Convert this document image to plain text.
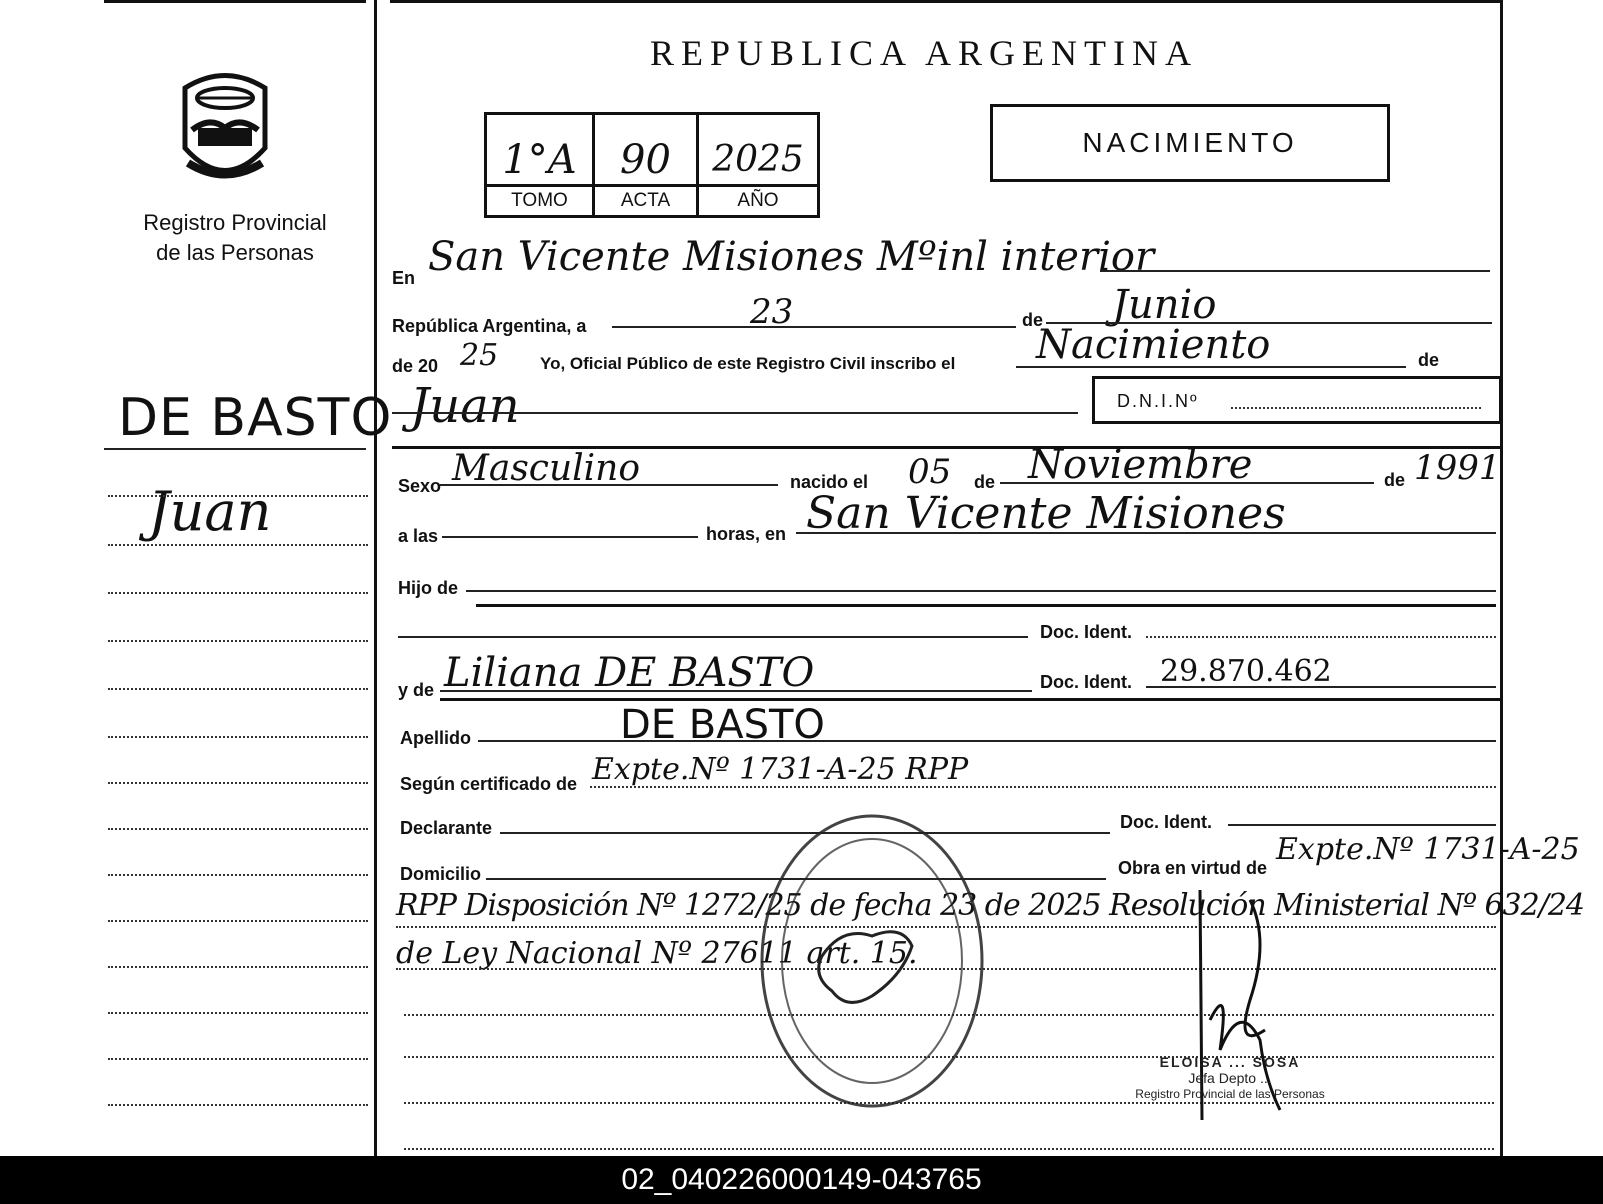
Registro Provincial
de las Personas
DE BASTO
Juan
REPUBLICA ARGENTINA
1°A	90	2025
TOMO	ACTA	AÑO
NACIMIENTO
En San Vicente Misiones Mºinl interior
República Argentina, a	23	de Junio
de 20 25 Yo, Oficial Público de este Registro Civil inscribo el Nacimiento	de
Juan	D.N.I.Nº
Sexo Masculino	nacido el 05 de Noviembre	de 1991
a las	horas, en San Vicente Misiones
Hijo de
Doc. Ident.
y de Liliana DE BASTO	Doc. Ident. 29.870.462
Apellido	DE BASTO
Según certificado de Expte.Nº 1731-A-25 RPP
Declarante	Doc. Ident.
Domicilio	Obra en virtud de
Expte.Nº 1731-A-25
RPP Disposición Nº 1272/25 de fecha 23 de 2025 Resolución Ministerial Nº 632/24
de Ley Nacional Nº 27611 art. 15.
ELOISA ... SOSA
Jefa Depto ...
Registro Provincial de las Personas
02_040226000149-043765
